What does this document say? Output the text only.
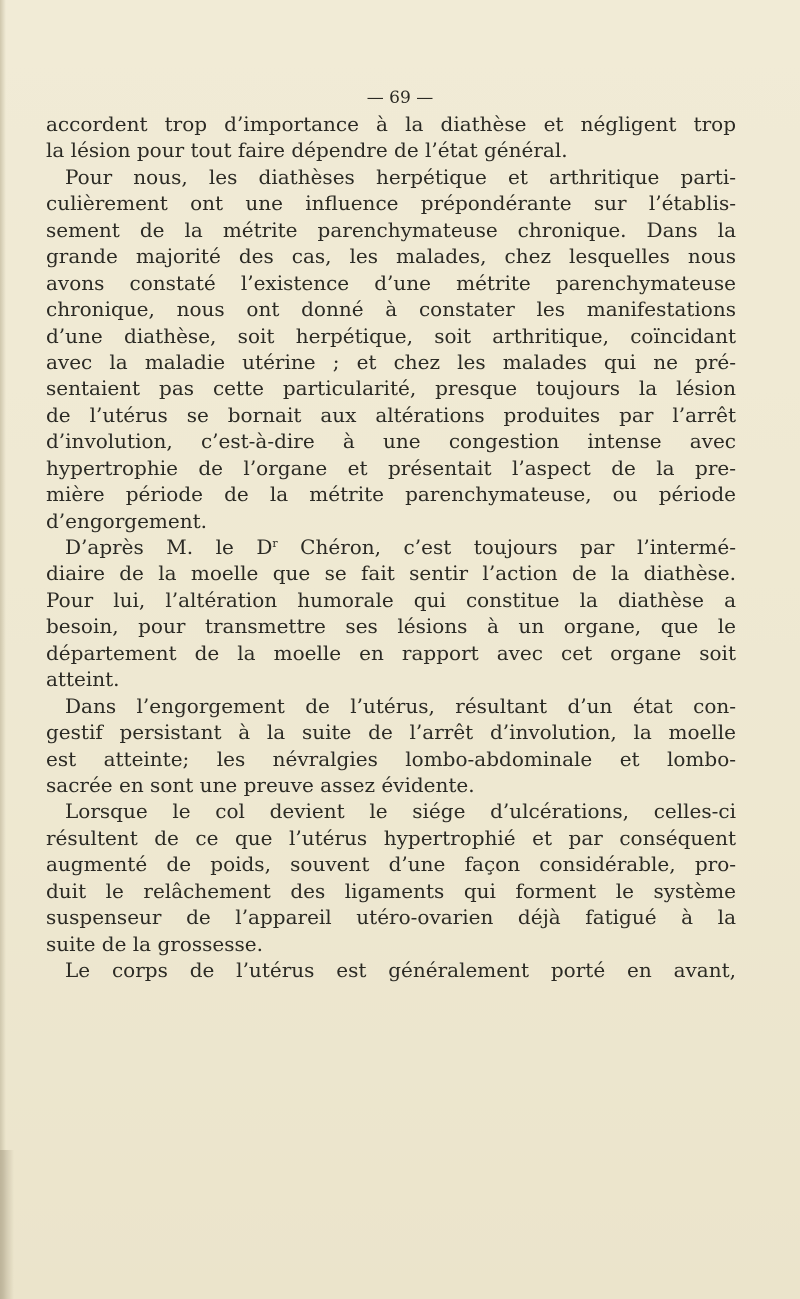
— 69 —
accordent trop d’importance à la diathèse et négligent trop
la lésion pour tout faire dépendre de l’état général.
Pour nous, les diathèses herpétique et arthritique parti-
culièrement ont une influence prépondérante sur l’établis-
sement de la métrite parenchymateuse chronique. Dans la
grande majorité des cas, les malades, chez lesquelles nous
avons constaté l’existence d’une métrite parenchymateuse
chronique, nous ont donné à constater les manifestations
d’une diathèse, soit herpétique, soit arthritique, coïncidant
avec la maladie utérine ; et chez les malades qui ne pré-
sentaient pas cette particularité, presque toujours la lésion
de l’utérus se bornait aux altérations produites par l’arrêt
d’involution, c’est-à-dire à une congestion intense avec
hypertrophie de l’organe et présentait l’aspect de la pre-
mière période de la métrite parenchymateuse, ou période
d’engorgement.
D’après M. le $D^r$ Chéron, c’est toujours par l’intermé-
diaire de la moelle que se fait sentir l’action de la diathèse.
Pour lui, l’altération humorale qui constitue la diathèse a
besoin, pour transmettre ses lésions à un organe, que le
département de la moelle en rapport avec cet organe soit
atteint.
Dans l’engorgement de l’utérus, résultant d’un état con-
gestif persistant à la suite de l’arrêt d’involution, la moelle
est atteinte; les névralgies lombo-abdominale et lombo-
sacrée en sont une preuve assez évidente.
Lorsque le col devient le siége d’ulcérations, celles-ci
résultent de ce que l’utérus hypertrophié et par conséquent
augmenté de poids, souvent d’une façon considérable, pro-
duit le relâchement des ligaments qui forment le système
suspenseur de l’appareil utéro-ovarien déjà fatigué à la
suite de la grossesse.
Le corps de l’utérus est généralement porté en avant,
